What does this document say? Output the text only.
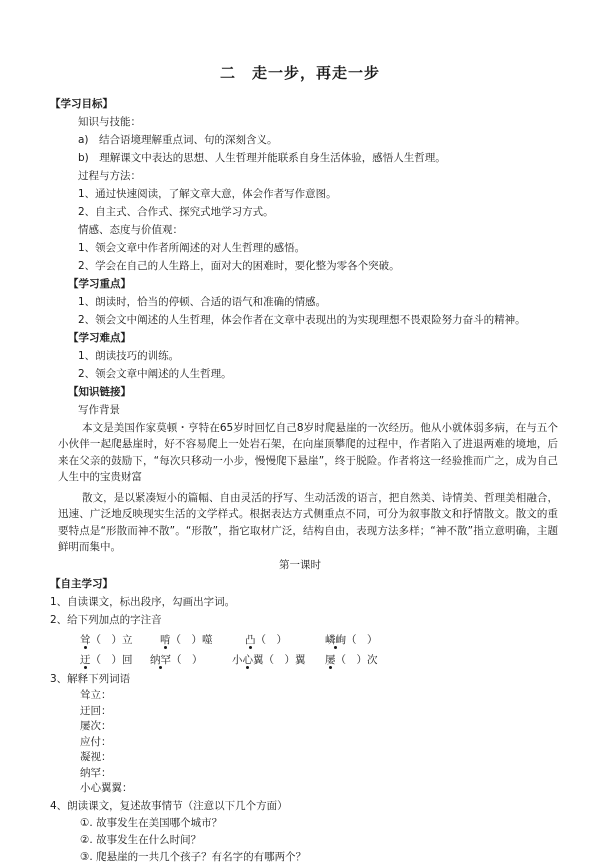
二　走一步，再走一步
【学习目标】
知识与技能：
a)　结合语境理解重点词、句的深刻含义。
b)　理解课文中表达的思想、人生哲理并能联系自身生活体验，感悟人生哲理。
过程与方法：
1、通过快速阅读，了解文章大意，体会作者写作意图。
2、自主式、合作式、探究式地学习方式。
情感、态度与价值观：
1、领会文章中作者所阐述的对人生哲理的感悟。
2、学会在自己的人生路上，面对大的困难时，要化整为零各个突破。
【学习重点】
1、朗读时，恰当的停顿、合适的语气和准确的情感。
2、领会文中阐述的人生哲理，体会作者在文章中表现出的为实现理想不畏艰险努力奋斗的精神。
【学习难点】
1、朗读技巧的训练。
2、领会文章中阐述的人生哲理。
【知识链接】
写作背景
本文是美国作家莫顿・亨特在65岁时回忆自己8岁时爬悬崖的一次经历。他从小就体弱多病，在与五个小伙伴一起爬悬崖时，好不容易爬上一处岩石架，在向崖顶攀爬的过程中，作者陷入了进退两难的境地，后来在父亲的鼓励下，“每次只移动一小步，慢慢爬下悬崖”，终于脱险。作者将这一经验推而广之，成为自己人生中的宝贵财富
散文，是以紧凑短小的篇幅、自由灵活的抒写、生动活泼的语言，把自然美、诗情美、哲理美相融合，迅速、广泛地反映现实生活的文学样式。根据表达方式侧重点不同，可分为叙事散文和抒情散文。散文的重要特点是“形散而神不散”。“形散”，指它取材广泛，结构自由，表现方法多样；“神不散”指立意明确，主题鲜明而集中。
第一课时
【自主学习】
1、自读课文，标出段序，勾画出字词。
2、给下列加点的字注音
耸（　）立	啃（　）噬	凸（　）	嶙峋（　）
迂（　）回 纳罕（　）	小心翼（　）翼 屡（　）次
3、解释下列词语
耸立：
迂回：
屡次：
应付：
凝视：
纳罕：
小心翼翼：
4、朗读课文，复述故事情节（注意以下几个方面）
①. 故事发生在美国哪个城市？
②. 故事发生在什么时间？
③. 爬悬崖的一共几个孩子？有名字的有哪两个？
